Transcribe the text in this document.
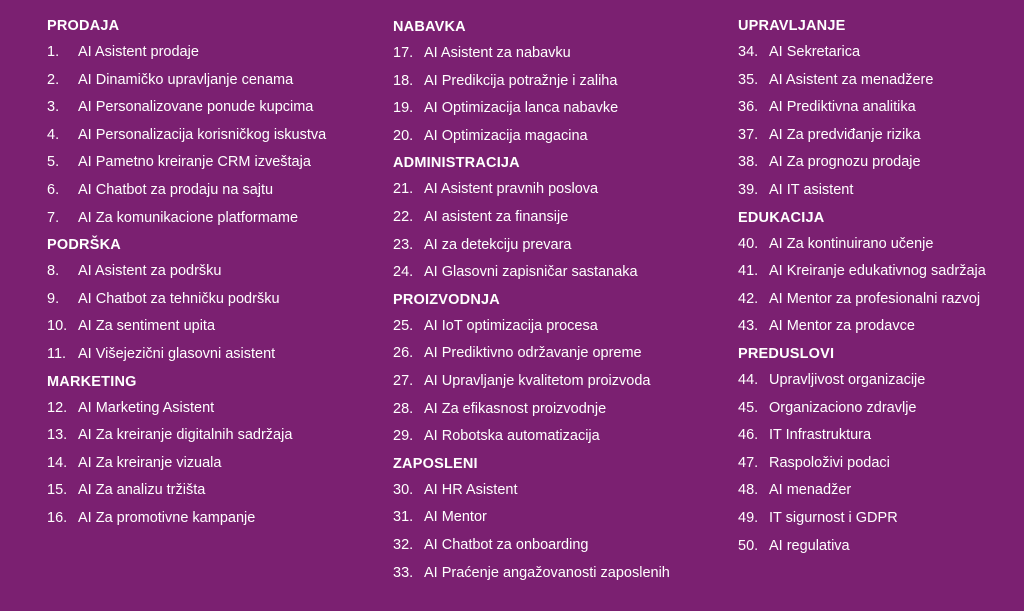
PRODAJA
1. AI Asistent prodaje
2. AI Dinamičko upravljanje cenama
3. AI Personalizovane ponude kupcima
4. AI Personalizacija korisničkog iskustva
5. AI Pametno kreiranje CRM izveštaja
6. AI Chatbot za prodaju na sajtu
7. AI Za komunikacione platformame
PODRŠKA
8. AI Asistent za podršku
9. AI Chatbot za tehničku podršku
10. AI Za sentiment upita
11. AI Višejezični glasovni asistent
MARKETING
12. AI Marketing Asistent
13. AI Za kreiranje digitalnih sadržaja
14. AI Za kreiranje vizuala
15. AI Za analizu tržišta
16. AI Za promotivne kampanje
NABAVKA
17. AI Asistent za nabavku
18. AI Predikcija potražnje i zaliha
19. AI Optimizacija lanca nabavke
20. AI Optimizacija magacina
ADMINISTRACIJA
21. AI Asistent pravnih poslova
22. AI asistent za finansije
23. AI za detekciju prevara
24. AI Glasovni zapisničar sastanaka
PROIZVODNJA
25. AI IoT optimizacija procesa
26. AI Prediktivno održavanje opreme
27. AI Upravljanje kvalitetom proizvoda
28. AI Za efikasnost proizvodnje
29. AI Robotska automatizacija
ZAPOSLENI
30. AI HR Asistent
31. AI Mentor
32. AI Chatbot za onboarding
33. AI Praćenje angažovanosti zaposlenih
UPRAVLJANJE
34. AI Sekretarica
35. AI Asistent za menadžere
36. AI Prediktivna analitika
37. AI Za predviđanje rizika
38. AI Za prognozu prodaje
39. AI IT asistent
EDUKACIJA
40. AI Za kontinuirano učenje
41. AI Kreiranje edukativnog sadržaja
42. AI Mentor za profesionalni razvoj
43. AI Mentor za prodavce
PREDUSLOVI
44. Upravljivost organizacije
45. Organizaciono zdravlje
46. IT Infrastruktura
47. Raspoloživi podaci
48. AI menadžer
49. IT sigurnost i GDPR
50. AI regulativa
